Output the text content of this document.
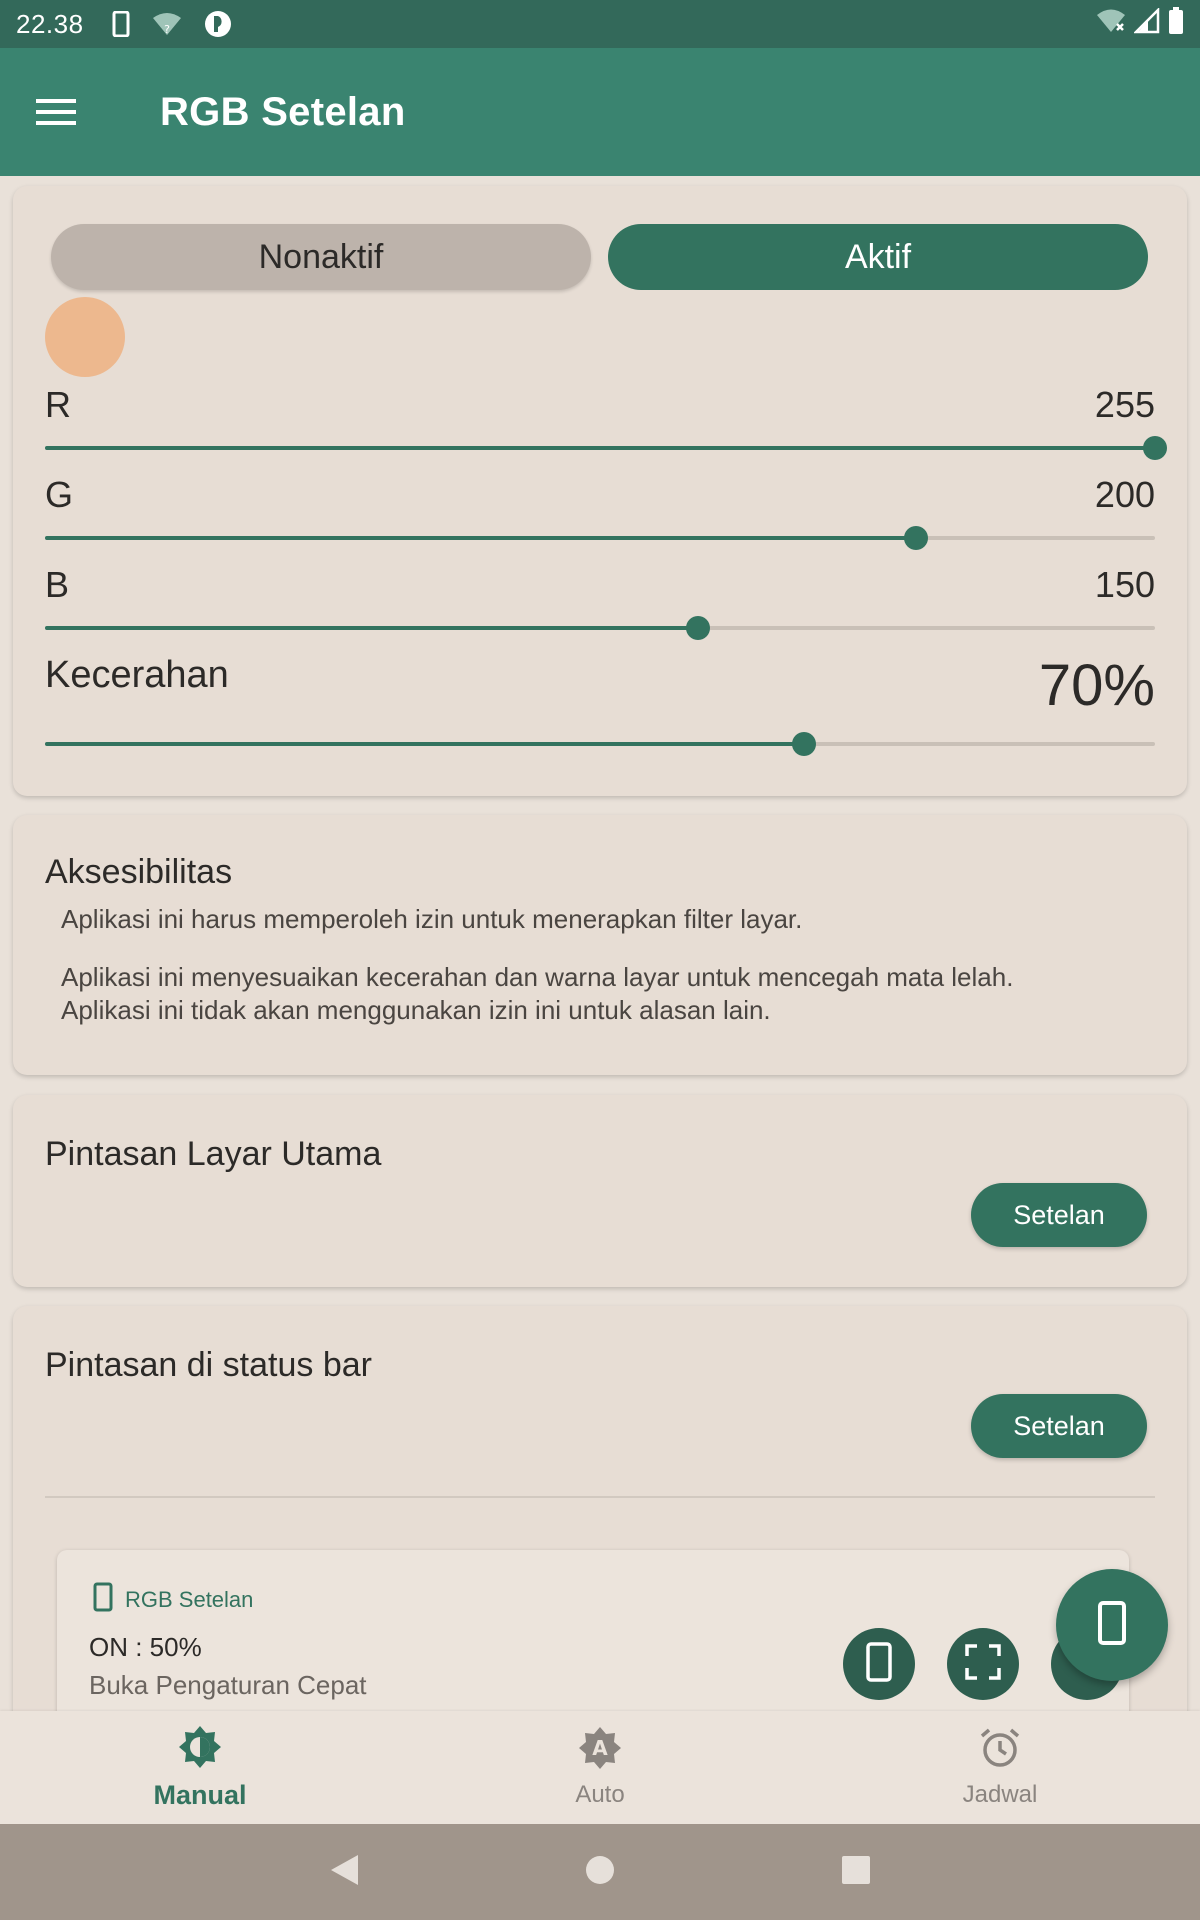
22.38	?
RGB Setelan
Nonaktif	Aktif
R	255
G	200
B	150
Kecerahan	70%
Aksesibilitas
Aplikasi ini harus memperoleh izin untuk menerapkan filter layar.
Aplikasi ini menyesuaikan kecerahan dan warna layar untuk mencegah mata lelah.
Aplikasi ini tidak akan menggunakan izin ini untuk alasan lain.
Pintasan Layar Utama
Setelan
Pintasan di status bar
Setelan
RGB Setelan
ON : 50%
Buka Pengaturan Cepat
Manual
A
Auto	Jadwal
